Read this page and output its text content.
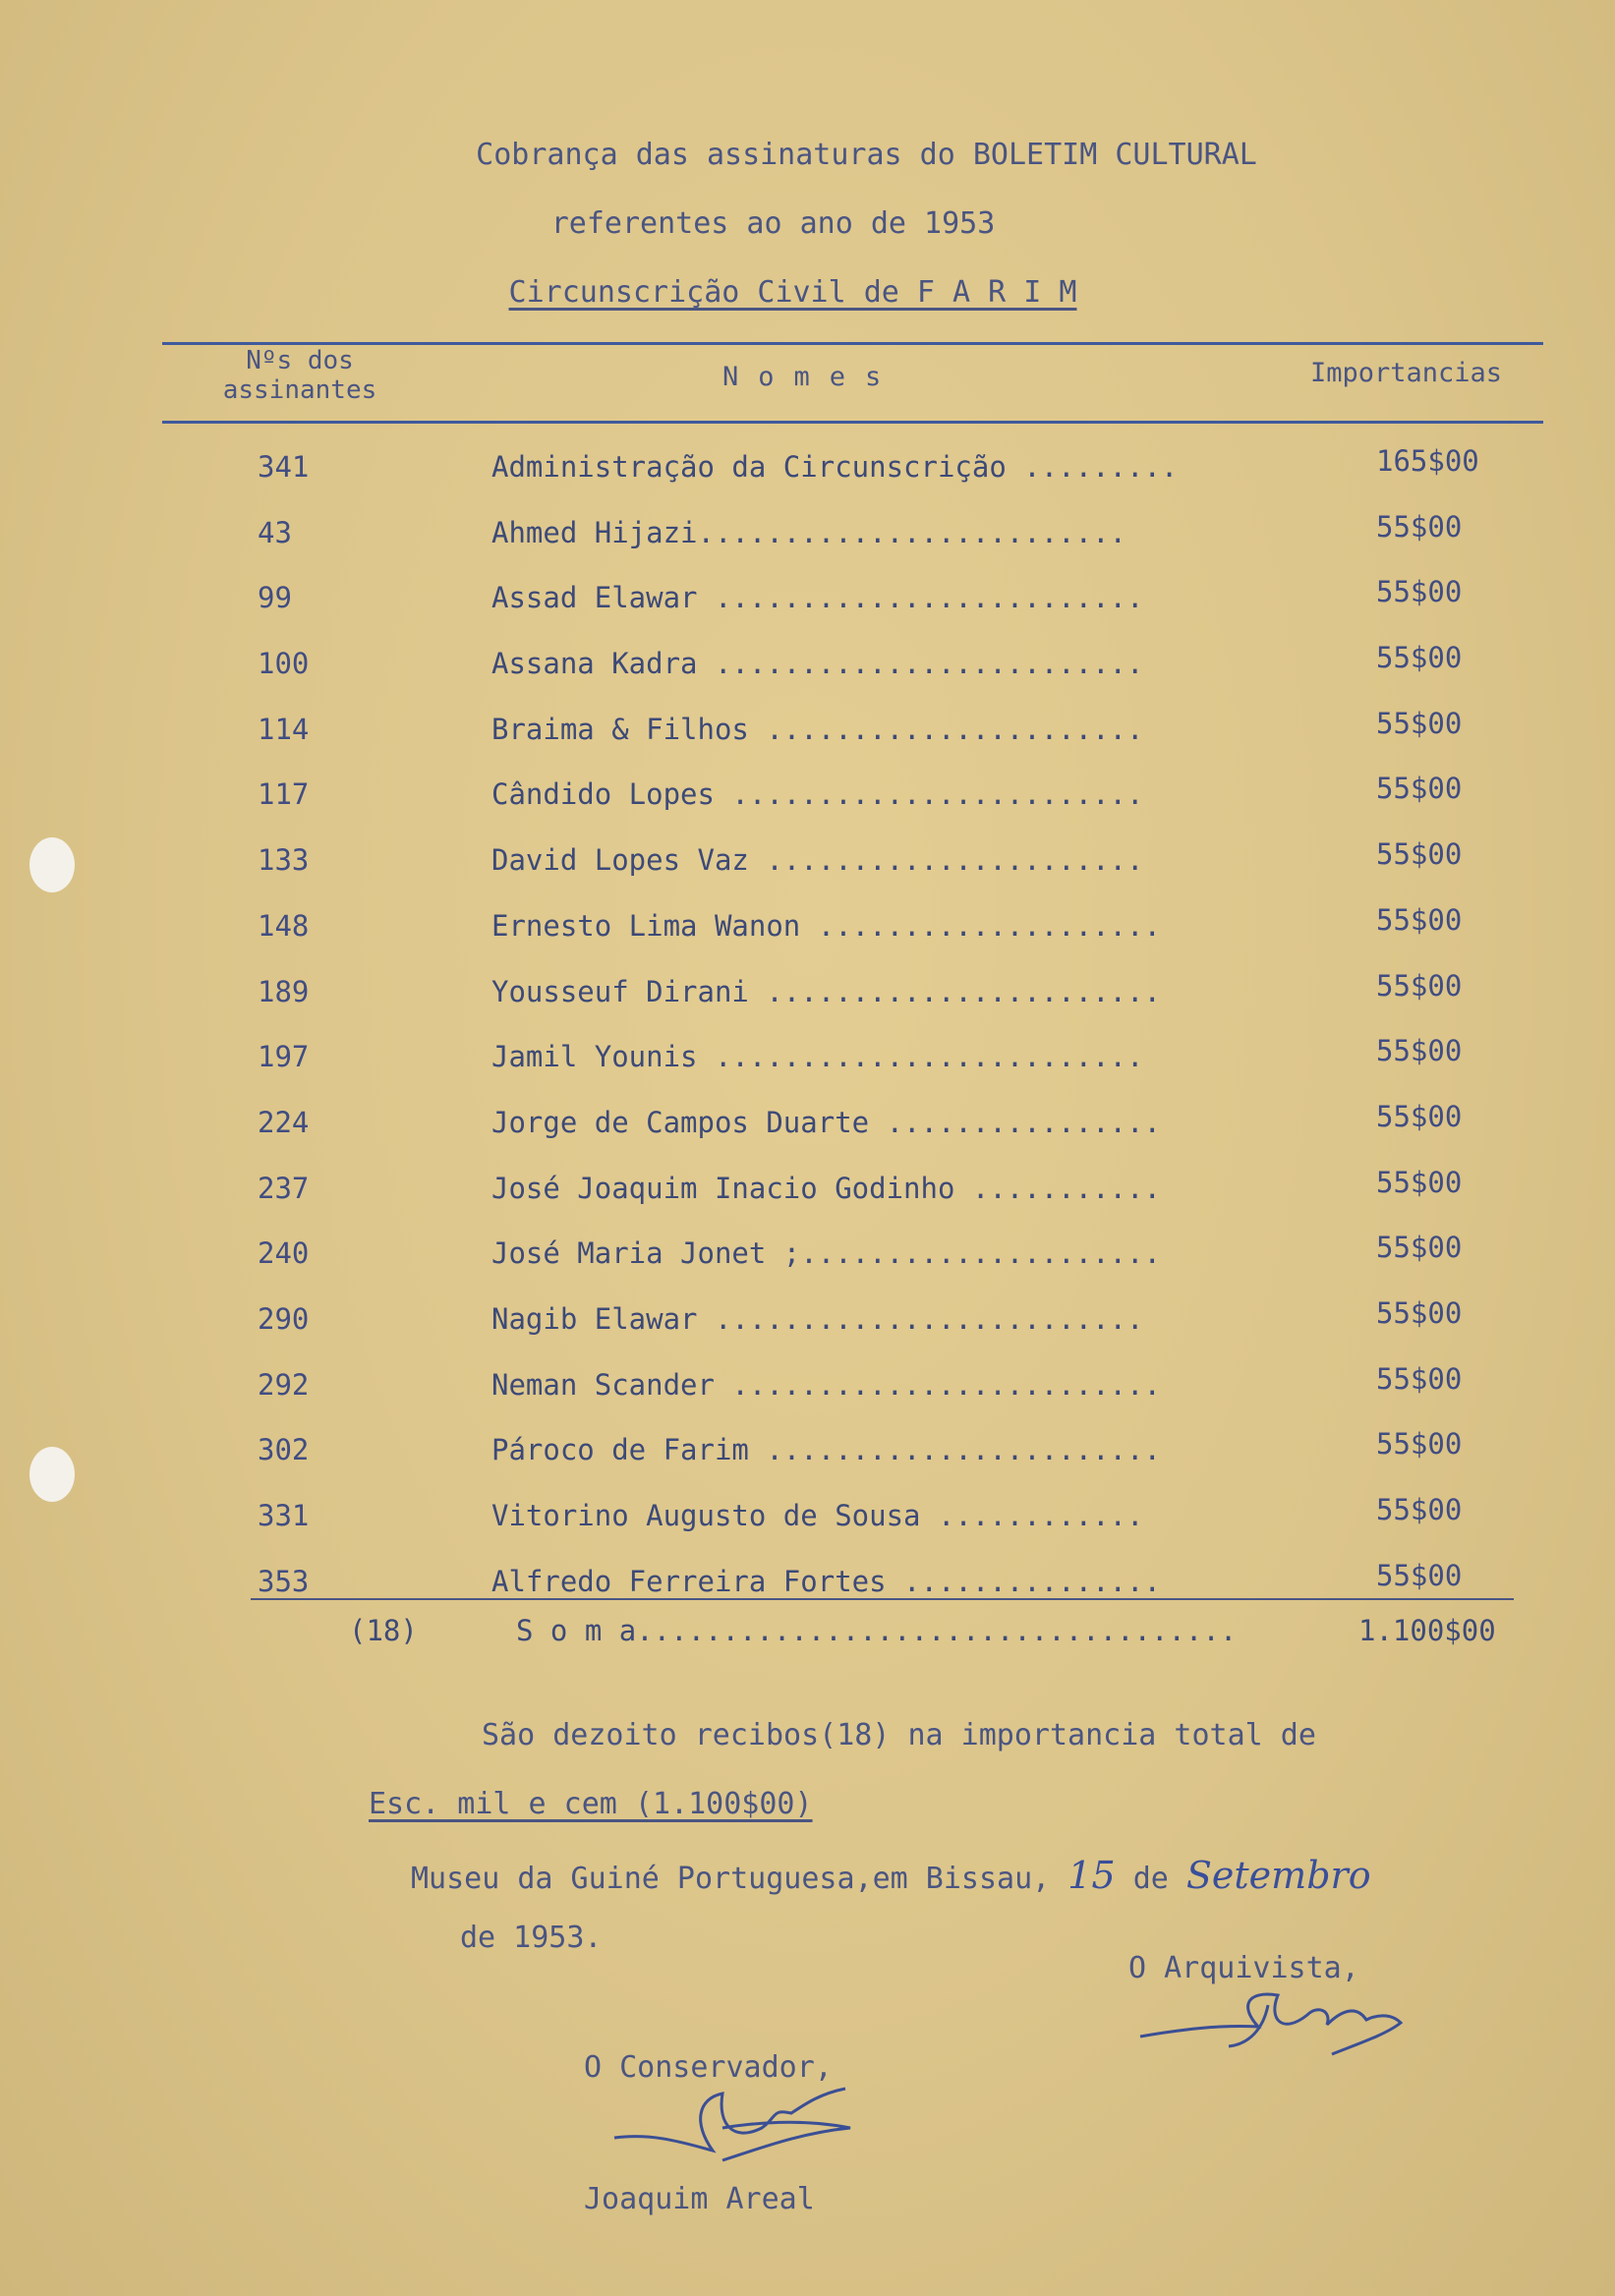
Cobrança das assinaturas do BOLETIM CULTURAL
referentes ao ano de 1953
Circunscrição Civil de F A R I M
Nºs dos
assinantes	Nomes	Importancias
341	Administração da Circunscrição .........	165$00
43	Ahmed Hijazi.........................	55$00
99	Assad Elawar .........................	55$00
100	Assana Kadra .........................	55$00
114	Braima & Filhos ......................	55$00
117	Cândido Lopes ........................	55$00
133	David Lopes Vaz ......................	55$00
148	Ernesto Lima Wanon ....................	55$00
189	Yousseuf Dirani .......................	55$00
197	Jamil Younis .........................	55$00
224	Jorge de Campos Duarte ................	55$00
237	José Joaquim Inacio Godinho ...........	55$00
240	José Maria Jonet ;.....................	55$00
290	Nagib Elawar .........................	55$00
292	Neman Scander .........................	55$00
302	Pároco de Farim .......................	55$00
331	Vitorino Augusto de Sousa ............	55$00
353	Alfredo Ferreira Fortes ...............	55$00
(18)	S o m a...................................	1.100$00
São dezoito recibos(18) na importancia total de
Esc. mil e cem (1.100$00)
Museu da Guiné Portuguesa,em Bissau, 15 de Setembro
de 1953.
O Arquivista,
O Conservador,
Joaquim Areal
